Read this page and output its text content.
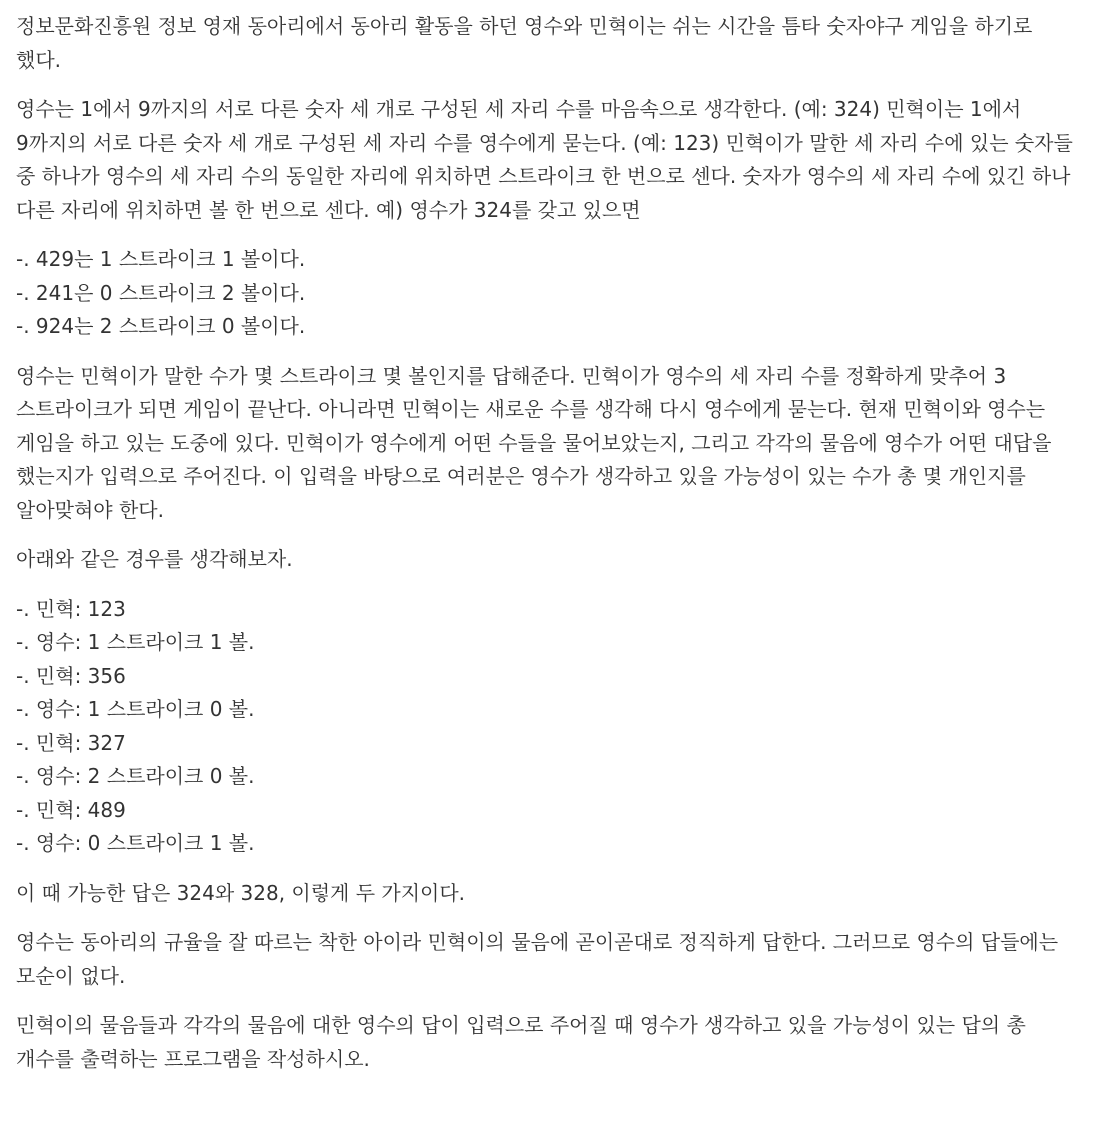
정보문화진흥원 정보 영재 동아리에서 동아리 활동을 하던 영수와 민혁이는 쉬는 시간을 틈타 숫자야구 게임을 하기로 했다.

영수는 1에서 9까지의 서로 다른 숫자 세 개로 구성된 세 자리 수를 마음속으로 생각한다. (예: 324) 민혁이는 1에서 9까지의 서로 다른 숫자 세 개로 구성된 세 자리 수를 영수에게 묻는다. (예: 123) 민혁이가 말한 세 자리 수에 있는 숫자들 중 하나가 영수의 세 자리 수의 동일한 자리에 위치하면 스트라이크 한 번으로 센다. 숫자가 영수의 세 자리 수에 있긴 하나 다른 자리에 위치하면 볼 한 번으로 센다. 예) 영수가 324를 갖고 있으면

-. 429는 1 스트라이크 1 볼이다.
-. 241은 0 스트라이크 2 볼이다.
-. 924는 2 스트라이크 0 볼이다.

영수는 민혁이가 말한 수가 몇 스트라이크 몇 볼인지를 답해준다. 민혁이가 영수의 세 자리 수를 정확하게 맞추어 3 스트라이크가 되면 게임이 끝난다. 아니라면 민혁이는 새로운 수를 생각해 다시 영수에게 묻는다. 현재 민혁이와 영수는 게임을 하고 있는 도중에 있다. 민혁이가 영수에게 어떤 수들을 물어보았는지, 그리고 각각의 물음에 영수가 어떤 대답을 했는지가 입력으로 주어진다. 이 입력을 바탕으로 여러분은 영수가 생각하고 있을 가능성이 있는 수가 총 몇 개인지를 알아맞혀야 한다.

아래와 같은 경우를 생각해보자.

-. 민혁: 123
-. 영수: 1 스트라이크 1 볼.
-. 민혁: 356
-. 영수: 1 스트라이크 0 볼.
-. 민혁: 327
-. 영수: 2 스트라이크 0 볼.
-. 민혁: 489
-. 영수: 0 스트라이크 1 볼.

이 때 가능한 답은 324와 328, 이렇게 두 가지이다.

영수는 동아리의 규율을 잘 따르는 착한 아이라 민혁이의 물음에 곧이곧대로 정직하게 답한다. 그러므로 영수의 답들에는 모순이 없다.

민혁이의 물음들과 각각의 물음에 대한 영수의 답이 입력으로 주어질 때 영수가 생각하고 있을 가능성이 있는 답의 총 개수를 출력하는 프로그램을 작성하시오.
